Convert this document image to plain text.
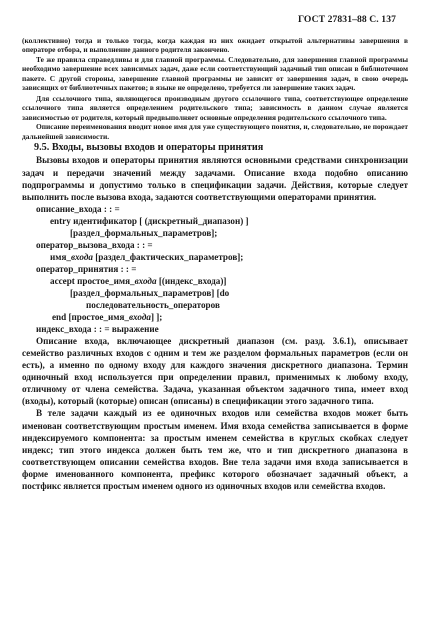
ГОСТ 27831–88 С. 137

(коллективно) тогда и только тогда, когда каждая из них ожидает открытой альтернативы завершения в операторе отбора, и выполнение данного родителя закончено.

Те же правила справедливы и для главной программы. Следовательно, для завершения главной программы необходимо завершение всех зависимых задач, даже если соответствующий задачный тип описан в библиотечном пакете. С другой стороны, завершение главной программы не зависит от завершения задач, в свою очередь зависящих от библиотечных пакетов; в языке не определено, требуется ли завершение таких задач.

Для ссылочного типа, являющегося производным другого ссылочного типа, соответствующее определение ссылочного типа является определением родительского типа; зависимость в данном случае является зависимостью от родителя, который предвыполняет основные определения родительского ссылочного типа.

Описание переименования вводит новое имя для уже существующего понятия, и, следовательно, не порождает дальнейшей зависимости.

9.5. Входы, вызовы входов и операторы принятия

Вызовы входов и операторы принятия являются основными средствами синхронизации задач и передачи значений между задачами. Описание входа подобно описанию подпрограммы и допустимо только в спецификации задачи. Действия, которые следует выполнить после вызова входа, задаются соответствующими операторами принятия.

описание_входа : : =
entry идентификатор [ (дискретный_диапазон) ]
[раздел_формальных_параметров];
оператор_вызова_входа : : =
имя_входа [раздел_фактических_параметров];
оператор_принятия : : =
accept простое_имя_входа [(индекс_входа)]
[раздел_формальных_параметров] [do
последовательность_операторов
end [простое_имя_входа] ];
индекс_входа : : = выражение

Описание входа, включающее дискретный диапазон (см. разд. 3.6.1), описывает семейство различных входов с одним и тем же разделом формальных параметров (если он есть), а именно по одному входу для каждого значения дискретного диапазона. Термин одиночный вход используется при определении правил, применимых к любому входу, отличному от члена семейства. Задача, указанная объектом задачного типа, имеет вход (входы), который (которые) описан (описаны) в спецификации этого задачного типа.

В теле задачи каждый из ее одиночных входов или семейства входов может быть именован соответствующим простым именем. Имя входа семейства записывается в форме индексируемого компонента: за простым именем семейства в круглых скобках следует индекс; тип этого индекса должен быть тем же, что и тип дискретного диапазона в соответствующем описании семейства входов. Вне тела задачи имя входа записывается в форме именованного компонента, префикс которого обозначает задачный объект, а постфикс является простым именем одного из одиночных входов или семейства входов.
